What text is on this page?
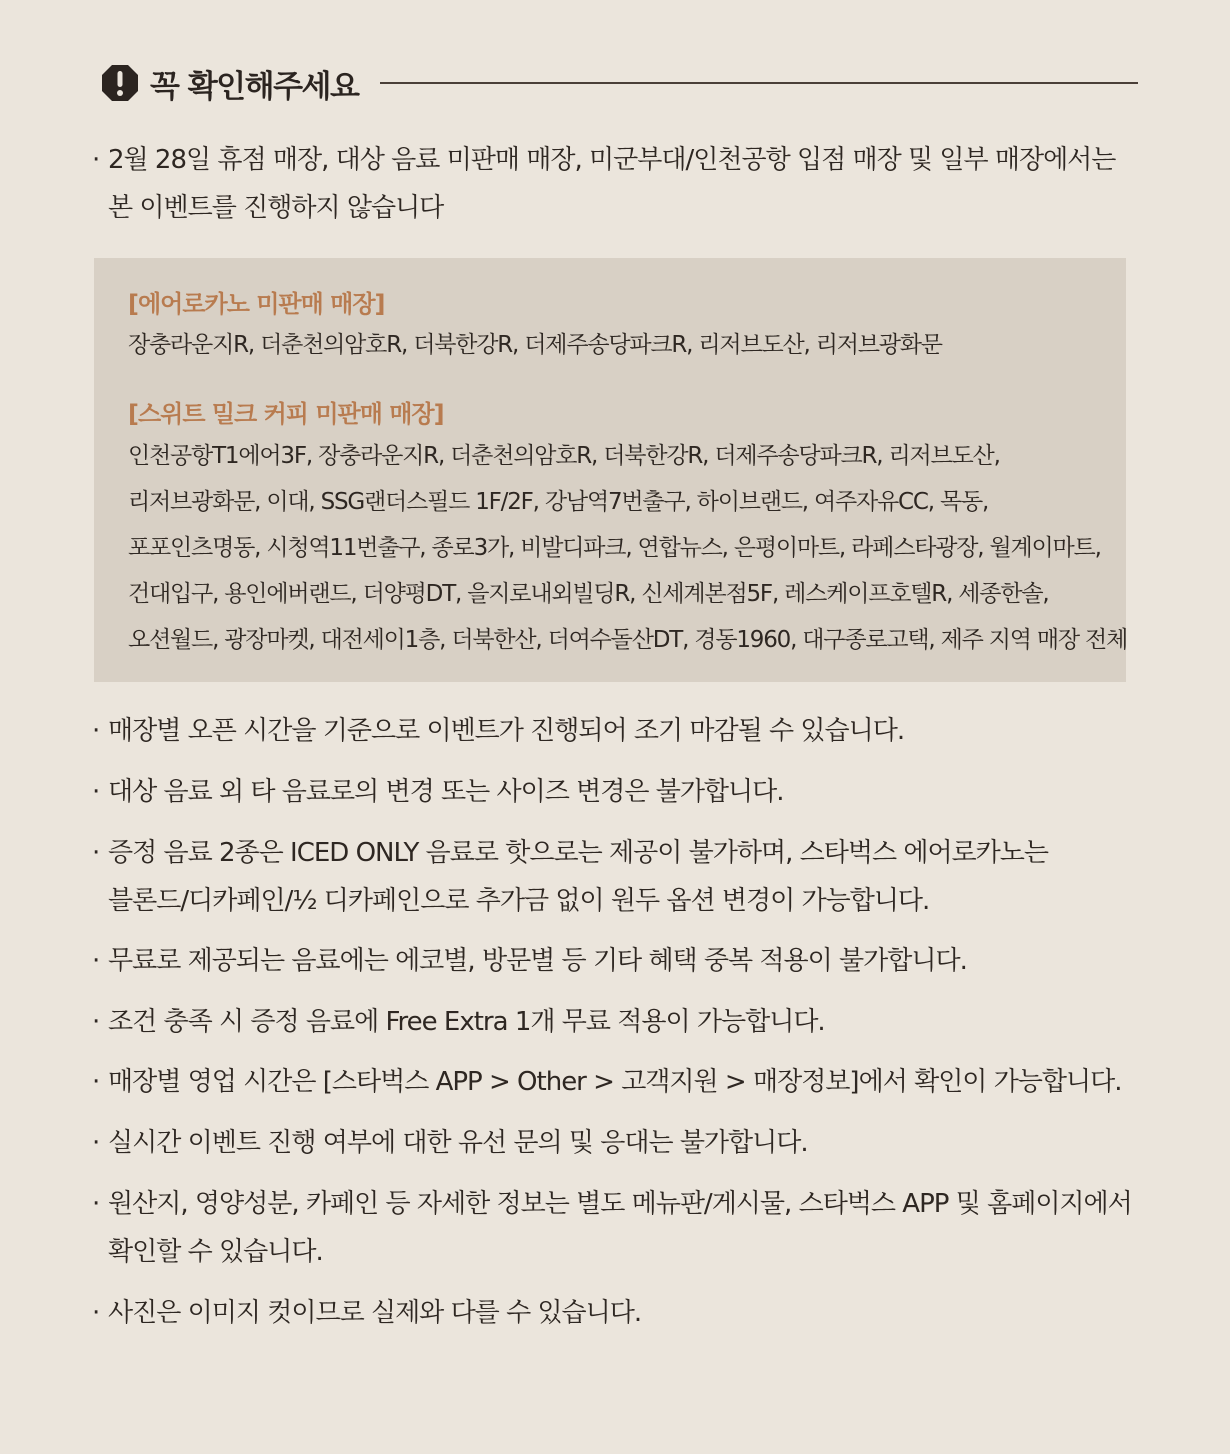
꼭 확인해주세요
· 2월 28일 휴점 매장, 대상 음료 미판매 매장, 미군부대/인천공항 입점 매장 및 일부 매장에서는
본 이벤트를 진행하지 않습니다
[에어로카노 미판매 매장]
장충라운지R, 더춘천의암호R, 더북한강R, 더제주송당파크R, 리저브도산, 리저브광화문
[스위트 밀크 커피 미판매 매장]
인천공항T1에어3F, 장충라운지R, 더춘천의암호R, 더북한강R, 더제주송당파크R, 리저브도산,
리저브광화문, 이대, SSG랜더스필드 1F/2F, 강남역7번출구, 하이브랜드, 여주자유CC, 목동,
포포인츠명동, 시청역11번출구, 종로3가, 비발디파크, 연합뉴스, 은평이마트, 라페스타광장, 월계이마트,
건대입구, 용인에버랜드, 더양평DT, 을지로내외빌딩R, 신세계본점5F, 레스케이프호텔R, 세종한솔,
오션월드, 광장마켓, 대전세이1층, 더북한산, 더여수돌산DT, 경동1960, 대구종로고택, 제주 지역 매장 전체
· 매장별 오픈 시간을 기준으로 이벤트가 진행되어 조기 마감될 수 있습니다.
· 대상 음료 외 타 음료로의 변경 또는 사이즈 변경은 불가합니다.
· 증정 음료 2종은 ICED ONLY 음료로 핫으로는 제공이 불가하며, 스타벅스 에어로카노는
블론드/디카페인/½ 디카페인으로 추가금 없이 원두 옵션 변경이 가능합니다.
· 무료로 제공되는 음료에는 에코별, 방문별 등 기타 혜택 중복 적용이 불가합니다.
· 조건 충족 시 증정 음료에 Free Extra 1개 무료 적용이 가능합니다.
· 매장별 영업 시간은 [스타벅스 APP > Other > 고객지원 > 매장정보]에서 확인이 가능합니다.
· 실시간 이벤트 진행 여부에 대한 유선 문의 및 응대는 불가합니다.
· 원산지, 영양성분, 카페인 등 자세한 정보는 별도 메뉴판/게시물, 스타벅스 APP 및 홈페이지에서
확인할 수 있습니다.
· 사진은 이미지 컷이므로 실제와 다를 수 있습니다.
